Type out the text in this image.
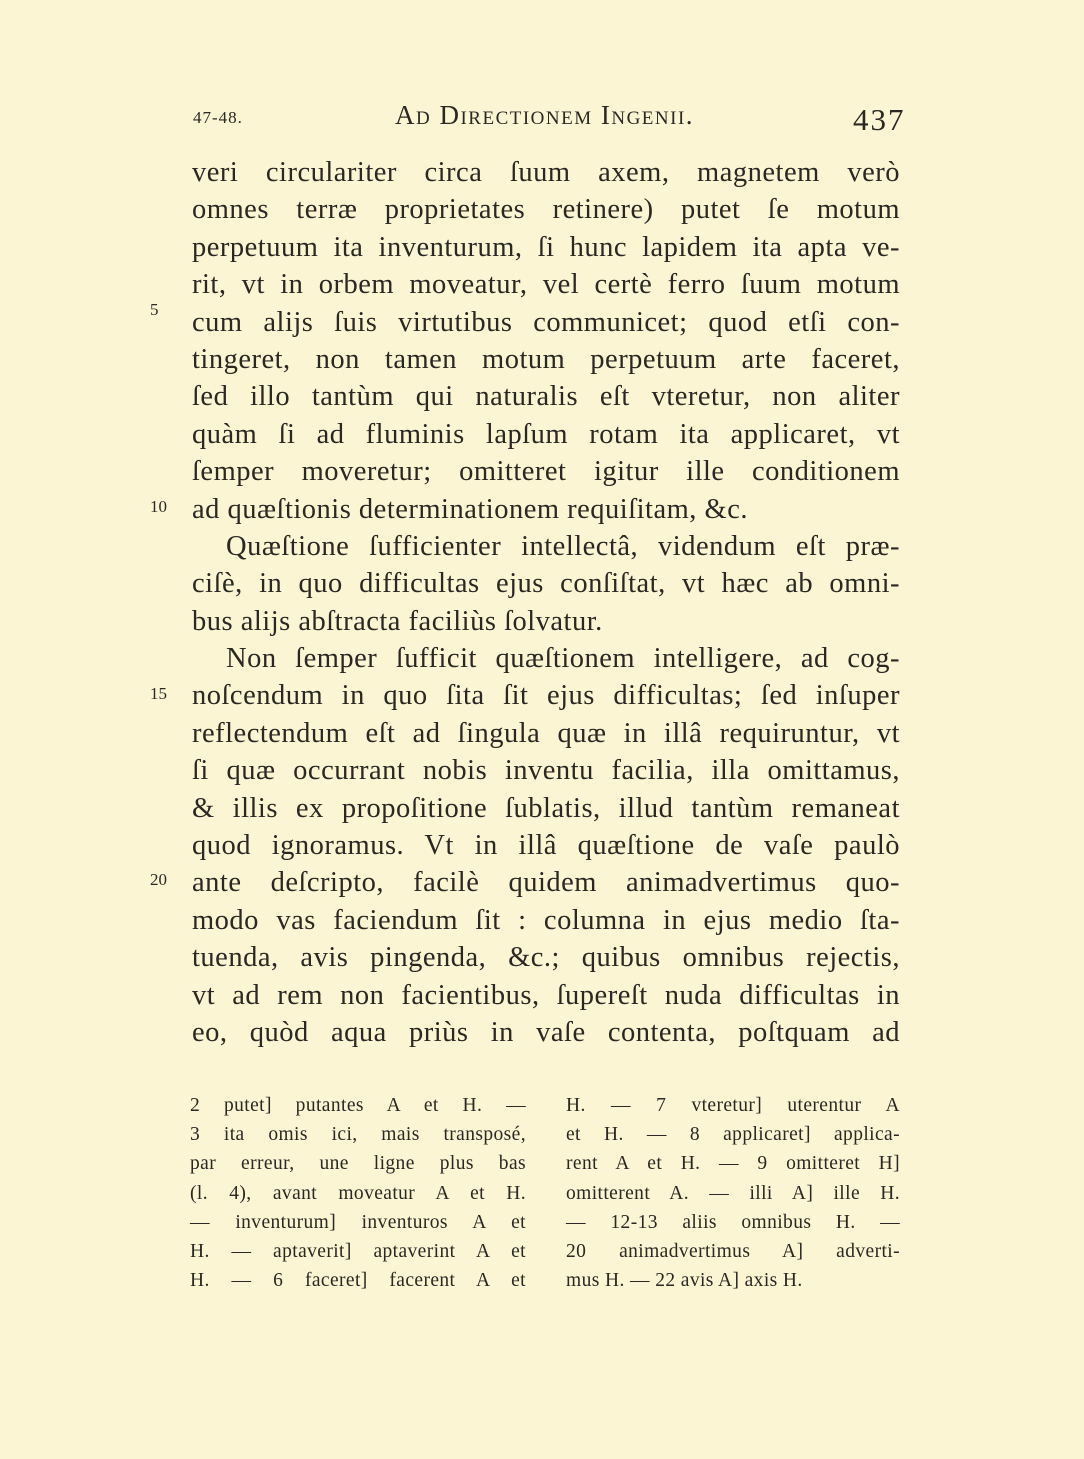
47-48.	Ad Directionem Ingenii.	437
veri circulariter circa ſuum axem, magnetem verò
omnes terræ proprietates retinere) putet ſe motum
perpetuum ita inventurum, ſi hunc lapidem ita apta ve-
rit, vt in orbem moveatur, vel certè ferro ſuum motum
cum alijs ſuis virtutibus communicet; quod etſi con-
tingeret, non tamen motum perpetuum arte faceret,
ſed illo tantùm qui naturalis eſt vteretur, non aliter
quàm ſi ad fluminis lapſum rotam ita applicaret, vt
ſemper moveretur; omitteret igitur ille conditionem
ad quæſtionis determinationem requiſitam, &c.
Quæſtione ſufficienter intellectâ, videndum eſt præ-
ciſè, in quo difficultas ejus conſiſtat, vt hæc ab omni-
bus alijs abſtracta faciliùs ſolvatur.
Non ſemper ſufficit quæſtionem intelligere, ad cog-
noſcendum in quo ſita ſit ejus difficultas; ſed inſuper
reflectendum eſt ad ſingula quæ in illâ requiruntur, vt
ſi quæ occurrant nobis inventu facilia, illa omittamus,
& illis ex propoſitione ſublatis, illud tantùm remaneat
quod ignoramus. Vt in illâ quæſtione de vaſe paulò
ante deſcripto, facilè quidem animadvertimus quo-
modo vas faciendum ſit : columna in ejus medio ſta-
tuenda, avis pingenda, &c.; quibus omnibus rejectis,
vt ad rem non facientibus, ſupereſt nuda difficultas in
eo, quòd aqua priùs in vaſe contenta, poſtquam ad
5
10
15
20
2 putet] putantes A et H. —
3 ita omis ici, mais transposé,
par erreur, une ligne plus bas
(l. 4), avant moveatur A et H.
— inventurum] inventuros A et
H. — aptaverit] aptaverint A et
H. — 6 faceret] facerent A et
H. — 7 vteretur] uterentur A
et H. — 8 applicaret] applica-
rent A et H. — 9 omitteret H]
omitterent A. — illi A] ille H.
— 12-13 aliis omnibus H. —
20 animadvertimus A] adverti-
mus H. — 22 avis A] axis H.
